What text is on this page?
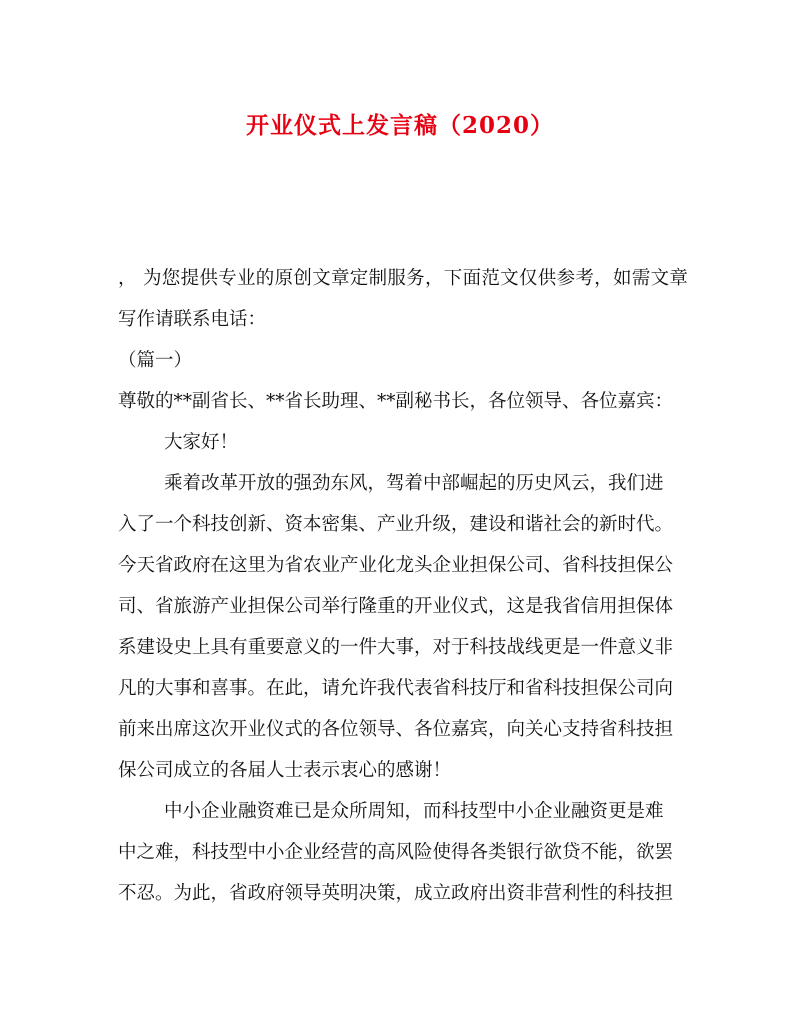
开业仪式上发言稿（2020）
， 为您提供专业的原创文章定制服务，下面范文仅供参考，如需文章
写作请联系电话：
（篇一）
尊敬的**副省长、**省长助理、**副秘书长，各位领导、各位嘉宾：
大家好！
乘着改革开放的强劲东风，驾着中部崛起的历史风云，我们进
入了一个科技创新、资本密集、产业升级，建设和谐社会的新时代。
今天省政府在这里为省农业产业化龙头企业担保公司、省科技担保公
司、省旅游产业担保公司举行隆重的开业仪式，这是我省信用担保体
系建设史上具有重要意义的一件大事，对于科技战线更是一件意义非
凡的大事和喜事。在此，请允许我代表省科技厅和省科技担保公司向
前来出席这次开业仪式的各位领导、各位嘉宾，向关心支持省科技担
保公司成立的各届人士表示衷心的感谢！
中小企业融资难已是众所周知，而科技型中小企业融资更是难
中之难，科技型中小企业经营的高风险使得各类银行欲贷不能，欲罢
不忍。为此，省政府领导英明决策，成立政府出资非营利性的科技担
